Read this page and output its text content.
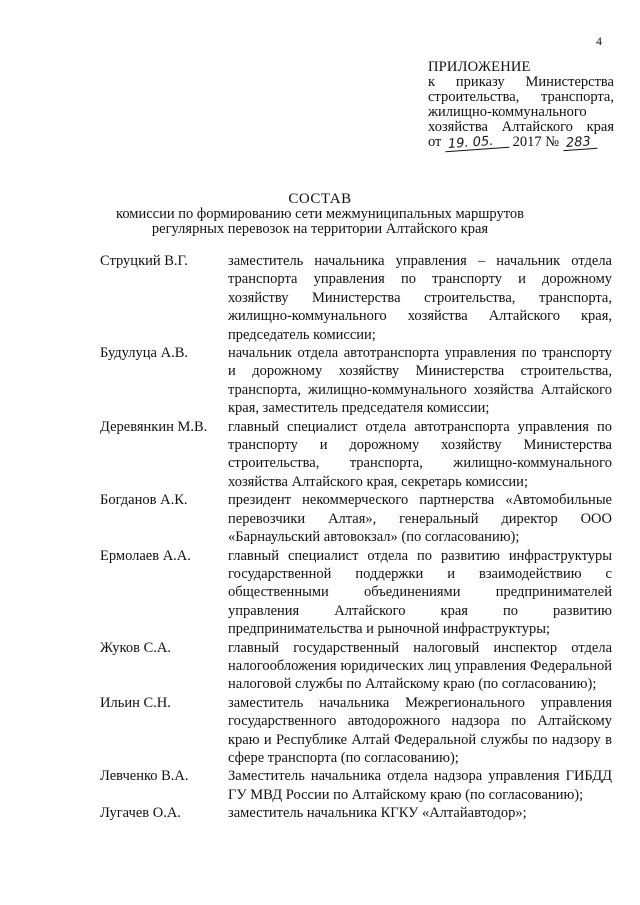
4
ПРИЛОЖЕНИЕ
к приказу Министерства
строительства, транспорта,
жилищно-коммунального
хозяйства Алтайского края
от 19. 05. 2017 № 283
СОСТАВ
комиссии по формированию сети межмуниципальных маршрутов
регулярных перевозок на территории Алтайского края
Струцкий В.Г.	заместитель начальника управления – начальник отдела транспорта управления по транспорту и дорожному хозяйству Министерства строительства, транспорта, жилищно-коммунального хозяйства Алтайского края, председатель комиссии;
Будулуца А.В.	начальник отдела автотранспорта управления по транспорту и дорожному хозяйству Министерства строительства, транспорта, жилищно-коммунального хозяйства Алтайского края, заместитель председателя комиссии;
Деревянкин М.В.	главный специалист отдела автотранспорта управления по транспорту и дорожному хозяйству Министерства строительства, транспорта, жилищно-коммунального хозяйства Алтайского края, секретарь комиссии;
Богданов А.К.	президент некоммерческого партнерства «Автомобильные перевозчики Алтая», генеральный директор ООО «Барнаульский автовокзал» (по согласованию);
Ермолаев А.А.	главный специалист отдела по развитию инфраструктуры государственной поддержки и взаимодействию с общественными объединениями предпринимателей управления Алтайского края по развитию предпринимательства и рыночной инфраструктуры;
Жуков С.А.	главный государственный налоговый инспектор отдела налогообложения юридических лиц управления Федеральной налоговой службы по Алтайскому краю (по согласованию);
Ильин С.Н.	заместитель начальника Межрегионального управления государственного автодорожного надзора по Алтайскому краю и Республике Алтай Федеральной службы по надзору в сфере транспорта (по согласованию);
Левченко В.А.	Заместитель начальника отдела надзора управления ГИБДД ГУ МВД России по Алтайскому краю (по согласованию);
Лугачев О.А.	заместитель начальника КГКУ «Алтайавтодор»;
